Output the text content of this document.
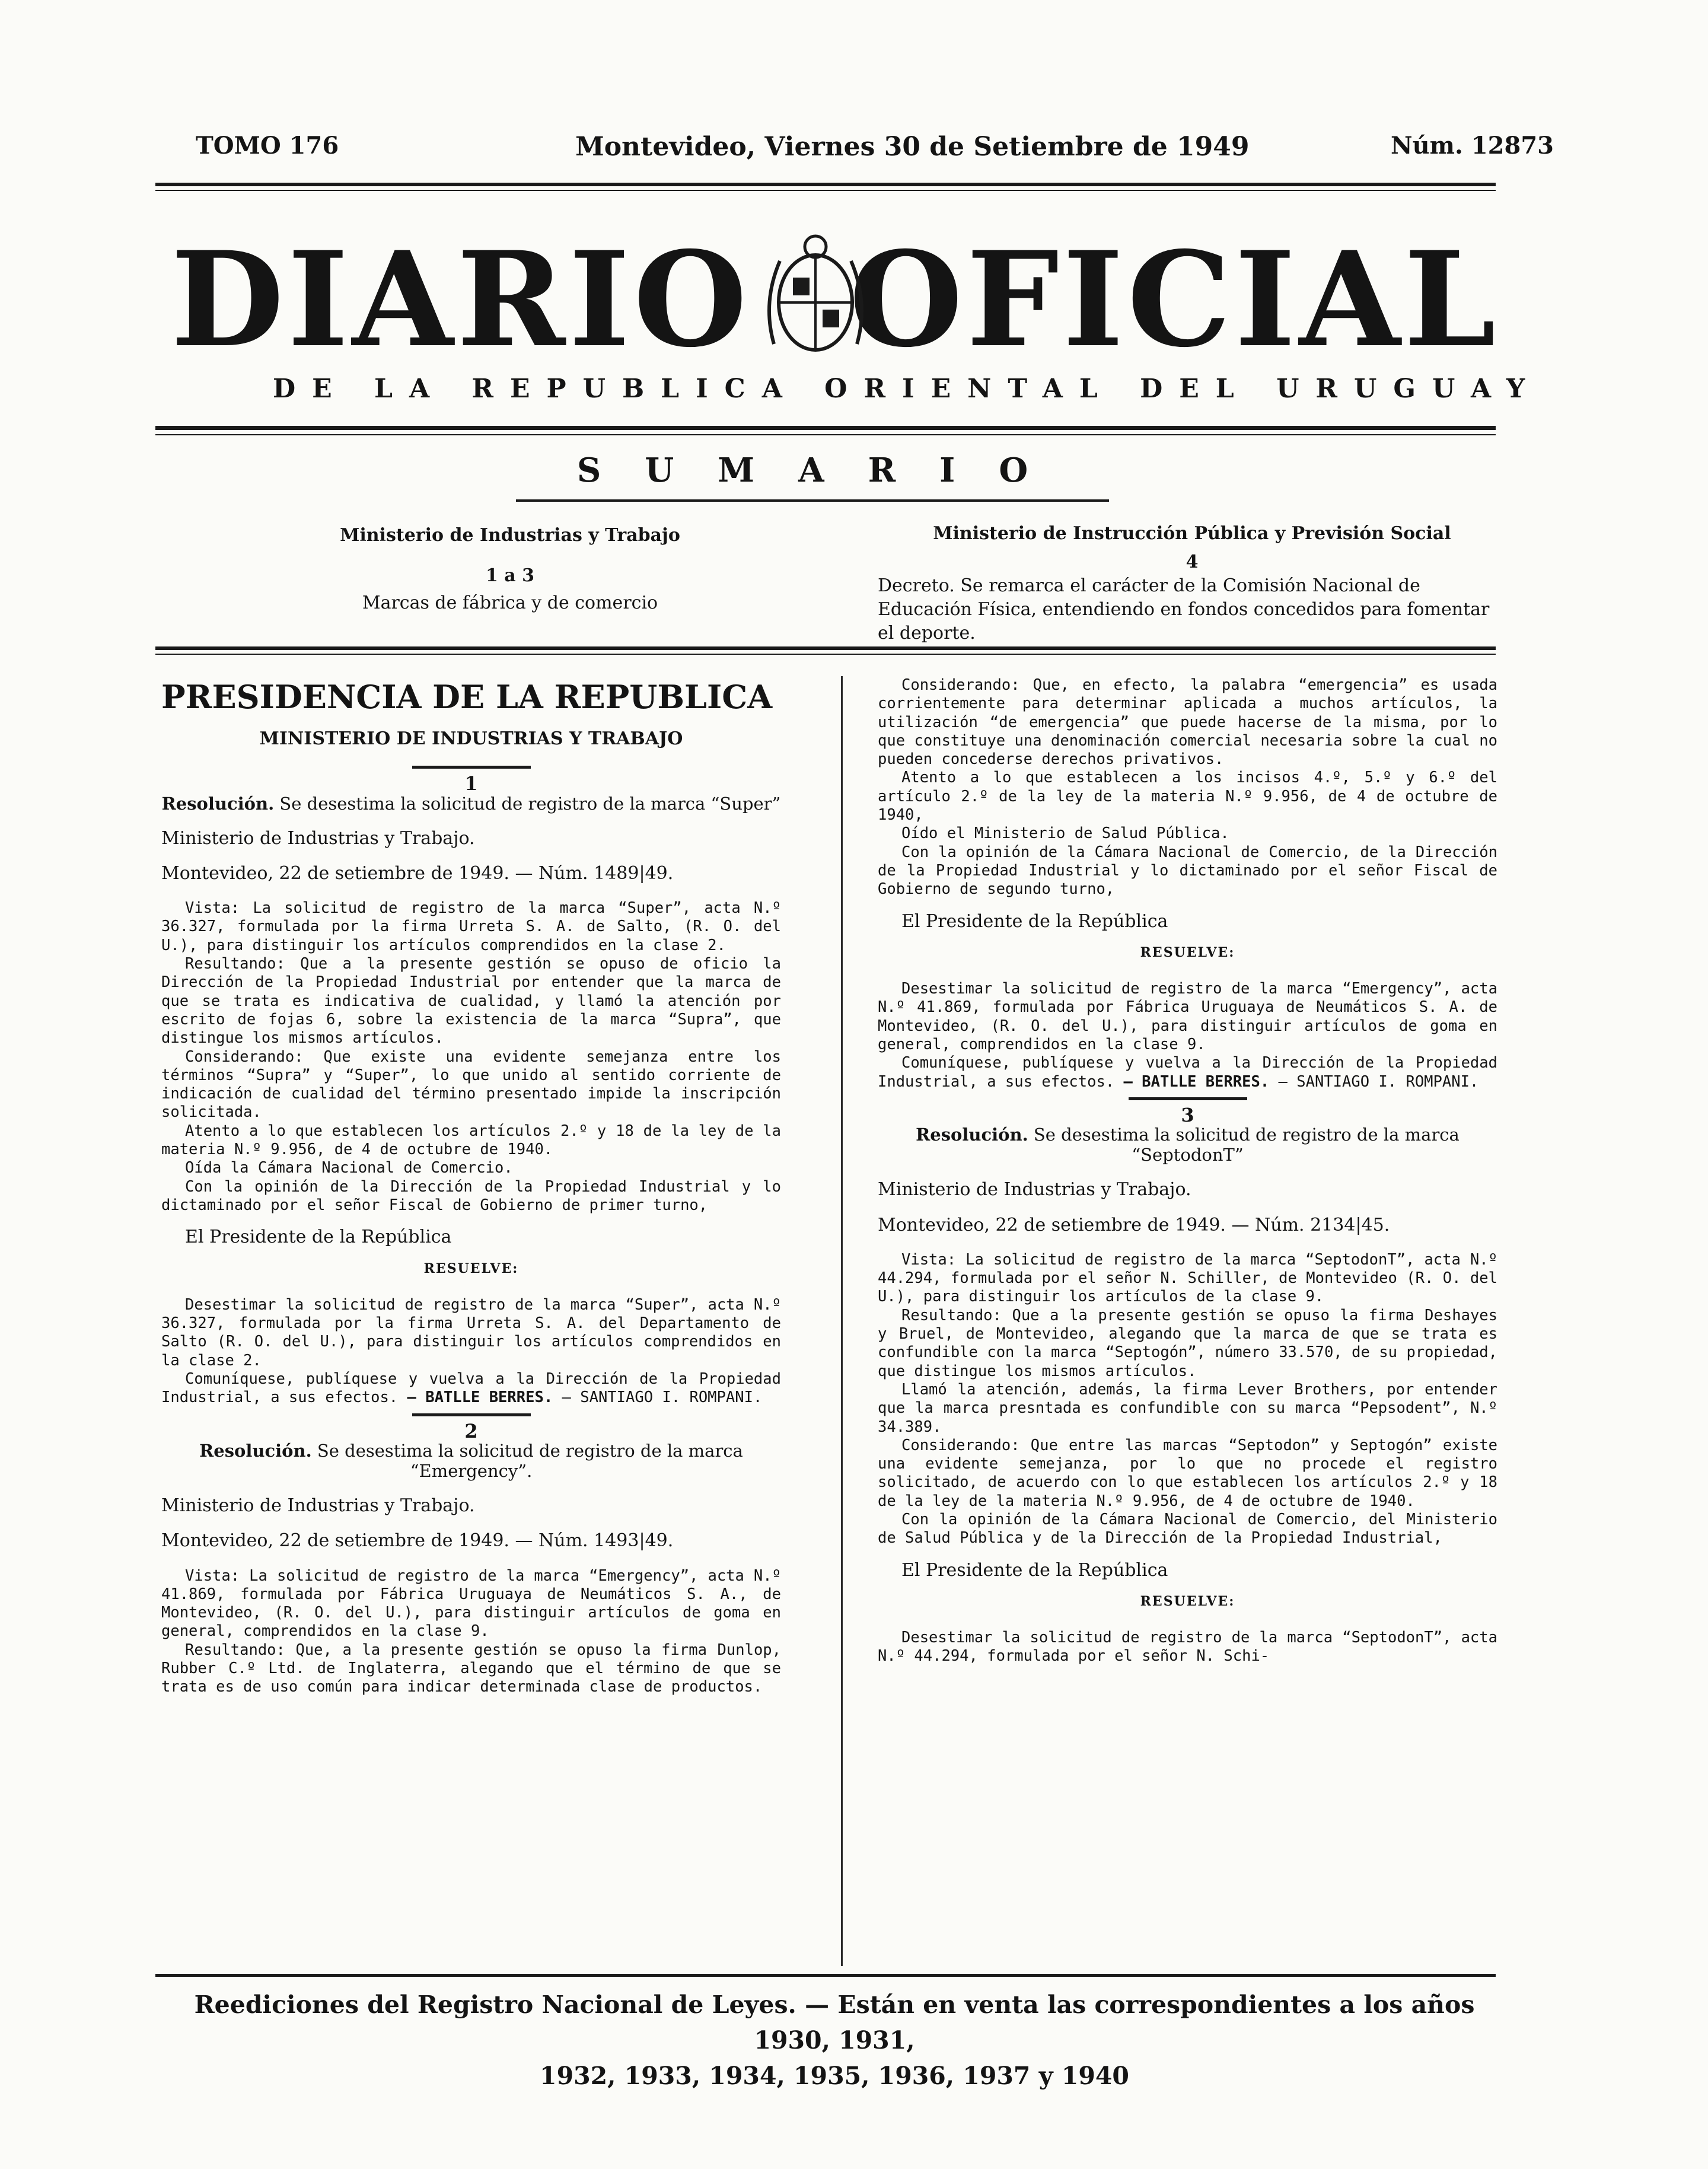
TOMO 176	Montevideo, Viernes 30 de Setiembre de 1949	Núm. 12873
DIARIO OFICIAL
DE LA REPUBLICA ORIENTAL DEL URUGUAY
SUMARIO
Ministerio de Industrias y Trabajo
1 a 3
Marcas de fábrica y de comercio
Ministerio de Instrucción Pública y Previsión Social
4
Decreto. Se remarca el carácter de la Comisión Nacional de Educación Física, entendiendo en fondos concedidos para fomentar el deporte.

PRESIDENCIA DE LA REPUBLICA

MINISTERIO DE INDUSTRIAS Y TRABAJO

1

Resolución. Se desestima la solicitud de registro de la marca “Super”

Ministerio de Industrias y Trabajo.

Montevideo, 22 de setiembre de 1949. — Núm. 1489|49.

Vista: La solicitud de registro de la marca “Super”, acta N.º 36.327, formulada por la firma Urreta S. A. de Salto, (R. O. del U.), para distinguir los artículos comprendidos en la clase 2.

Resultando: Que a la presente gestión se opuso de oficio la Dirección de la Propiedad Industrial por entender que la marca de que se trata es indicativa de cualidad, y llamó la atención por escrito de fojas 6, sobre la existencia de la marca “Supra”, que distingue los mismos artículos.

Considerando: Que existe una evidente semejanza entre los términos “Supra” y “Super”, lo que unido al sentido corriente de indicación de cualidad del término presentado impide la inscripción solicitada.

Atento a lo que establecen los artículos 2.º y 18 de la ley de la materia N.º 9.956, de 4 de octubre de 1940.

Oída la Cámara Nacional de Comercio.

Con la opinión de la Dirección de la Propiedad Industrial y lo dictaminado por el señor Fiscal de Gobierno de primer turno,

El Presidente de la República

RESUELVE:

Desestimar la solicitud de registro de la marca “Super”, acta N.º 36.327, formulada por la firma Urreta S. A. del Departamento de Salto (R. O. del U.), para distinguir los artículos comprendidos en la clase 2.

Comuníquese, publíquese y vuelva a la Dirección de la Propiedad Industrial, a sus efectos. — BATLLE BERRES. — SANTIAGO I. ROMPANI.

2

Resolución. Se desestima la solicitud de registro de la marca “Emergency”.

Ministerio de Industrias y Trabajo.

Montevideo, 22 de setiembre de 1949. — Núm. 1493|49.

Vista: La solicitud de registro de la marca “Emergency”, acta N.º 41.869, formulada por Fábrica Uruguaya de Neumáticos S. A., de Montevideo, (R. O. del U.), para distinguir artículos de goma en general, comprendidos en la clase 9.

Resultando: Que, a la presente gestión se opuso la firma Dunlop, Rubber C.º Ltd. de Inglaterra, alegando que el término de que se trata es de uso común para indicar determinada clase de productos.

Considerando: Que, en efecto, la palabra “emergencia” es usada corrientemente para determinar aplicada a muchos artículos, la utilización “de emergencia” que puede hacerse de la misma, por lo que constituye una denominación comercial necesaria sobre la cual no pueden concederse derechos privativos.

Atento a lo que establecen a los incisos 4.º, 5.º y 6.º del artículo 2.º de la ley de la materia N.º 9.956, de 4 de octubre de 1940,

Oído el Ministerio de Salud Pública.

Con la opinión de la Cámara Nacional de Comercio, de la Dirección de la Propiedad Industrial y lo dictaminado por el señor Fiscal de Gobierno de segundo turno,

El Presidente de la República

RESUELVE:

Desestimar la solicitud de registro de la marca “Emergency”, acta N.º 41.869, formulada por Fábrica Uruguaya de Neumáticos S. A. de Montevideo, (R. O. del U.), para distinguir artículos de goma en general, comprendidos en la clase 9.

Comuníquese, publíquese y vuelva a la Dirección de la Propiedad Industrial, a sus efectos. — BATLLE BERRES. — SANTIAGO I. ROMPANI.

3

Resolución. Se desestima la solicitud de registro de la marca “SeptodonT”

Ministerio de Industrias y Trabajo.

Montevideo, 22 de setiembre de 1949. — Núm. 2134|45.

Vista: La solicitud de registro de la marca “SeptodonT”, acta N.º 44.294, formulada por el señor N. Schiller, de Montevideo (R. O. del U.), para distinguir los artículos de la clase 9.

Resultando: Que a la presente gestión se opuso la firma Deshayes y Bruel, de Montevideo, alegando que la marca de que se trata es confundible con la marca “Septogón”, número 33.570, de su propiedad, que distingue los mismos artículos.

Llamó la atención, además, la firma Lever Brothers, por entender que la marca presntada es confundible con su marca “Pepsodent”, N.º 34.389.

Considerando: Que entre las marcas “Septodon” y Septogón” existe una evidente semejanza, por lo que no procede el registro solicitado, de acuerdo con lo que establecen los artículos 2.º y 18 de la ley de la materia N.º 9.956, de 4 de octubre de 1940.

Con la opinión de la Cámara Nacional de Comercio, del Ministerio de Salud Pública y de la Dirección de la Propiedad Industrial,

El Presidente de la República

RESUELVE:

Desestimar la solicitud de registro de la marca “SeptodonT”, acta N.º 44.294, formulada por el señor N. Schi-

Reediciones del Registro Nacional de Leyes. — Están en venta las correspondientes a los años 1930, 1931,
1932, 1933, 1934, 1935, 1936, 1937 y 1940
